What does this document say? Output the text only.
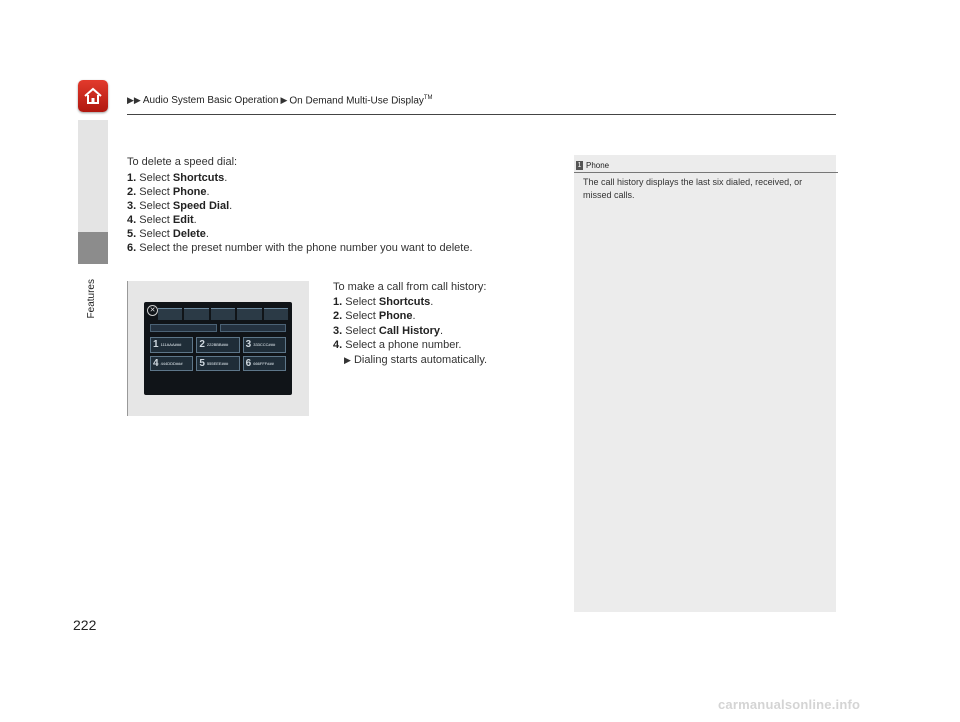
▶▶ Audio System Basic Operation ▶ On Demand Multi-Use Display™
Features

To delete a speed dial:

1. Select Shortcuts.
2. Select Phone.
3. Select Speed Dial.
4. Select Edit.
5. Select Delete.
6. Select the preset number with the phone number you want to delete.
✕
1 111AAA### 2 222BBB### 3 333CCC###
4 444DDD### 5 555EEE### 6 666FFF###

To make a call from call history:

1. Select Shortcuts.
2. Select Phone.
3. Select Call History.
4. Select a phone number.

▶ Dialing starts automatically.

1 Phone
The call history displays the last six dialed, received, or missed calls.
222
carmanualsonline.info
